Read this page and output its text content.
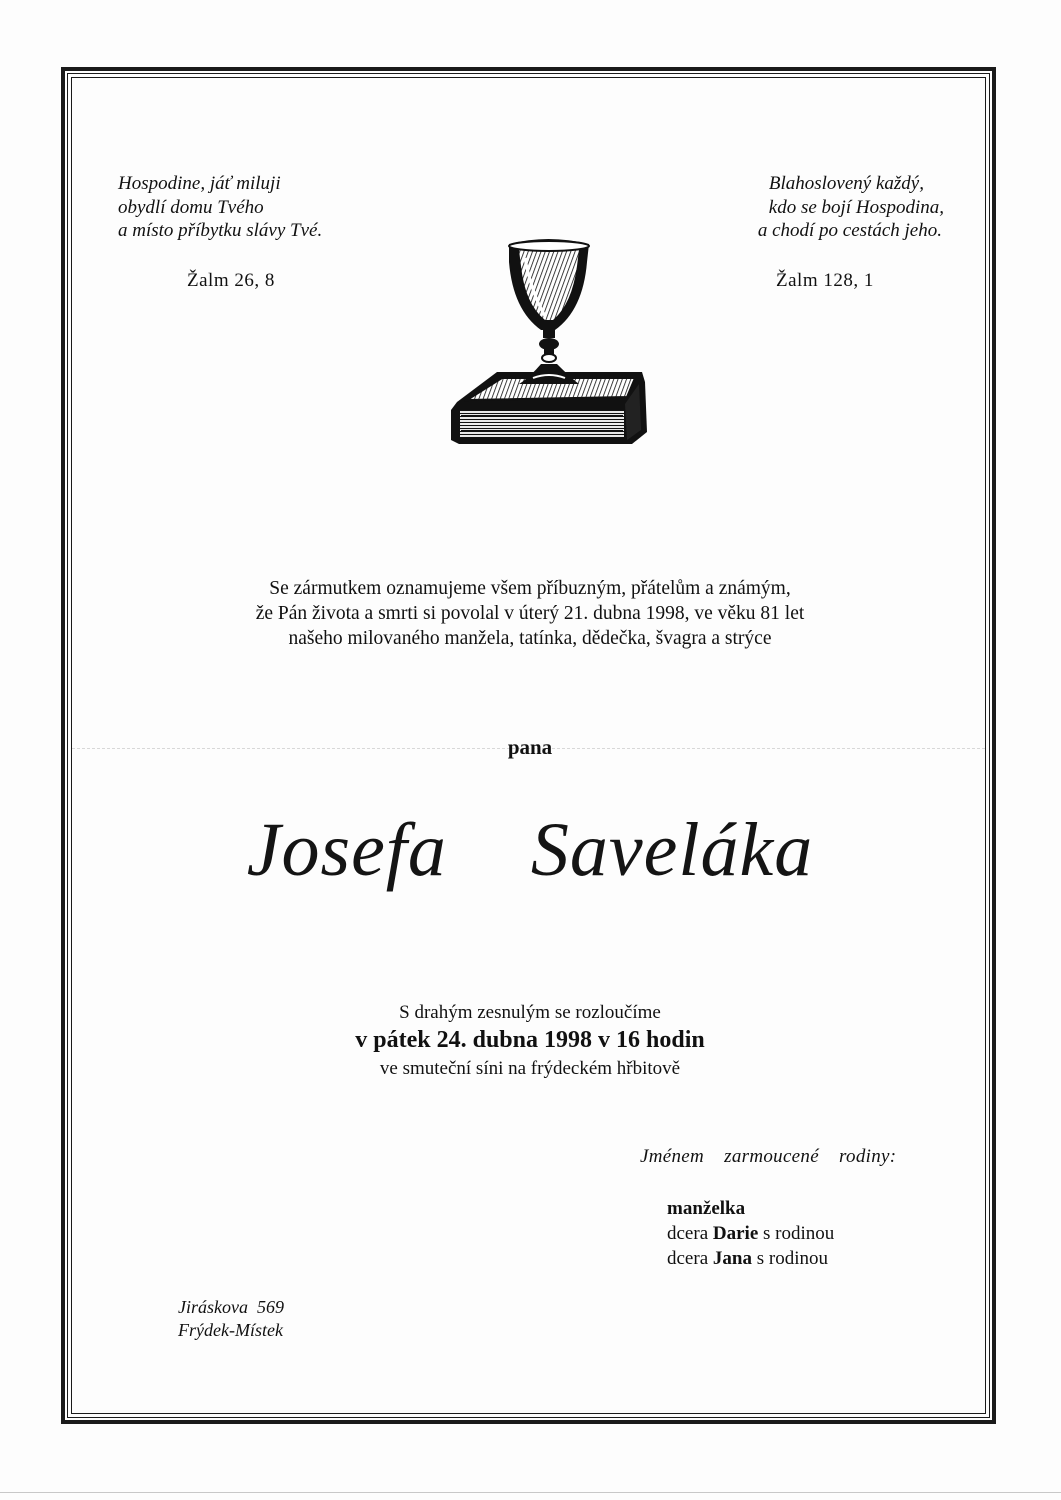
Hospodine, jáť miluji

obydlí domu Tvého

a místo příbytku slávy Tvé.

Žalm 26, 8

Blahoslovený každý,

kdo se bojí Hospodina,

a chodí po cestách jeho.

Žalm 128, 1

Se zármutkem oznamujeme všem příbuzným, přátelům a známým,

že Pán života a smrti si povolal v úterý 21. dubna 1998, ve věku 81 let

našeho milovaného manžela, tatínka, dědečka, švagra a strýce

pana
Josefa  Saveláka

S drahým zesnulým se rozloučíme

v pátek 24. dubna 1998 v 16 hodin

ve smuteční síni na frýdeckém hřbitově

Jménem  zarmoucené  rodiny:

manželka

dcera Darie s rodinou

dcera Jana s rodinou

Jiráskova  569

Frýdek-Místek
